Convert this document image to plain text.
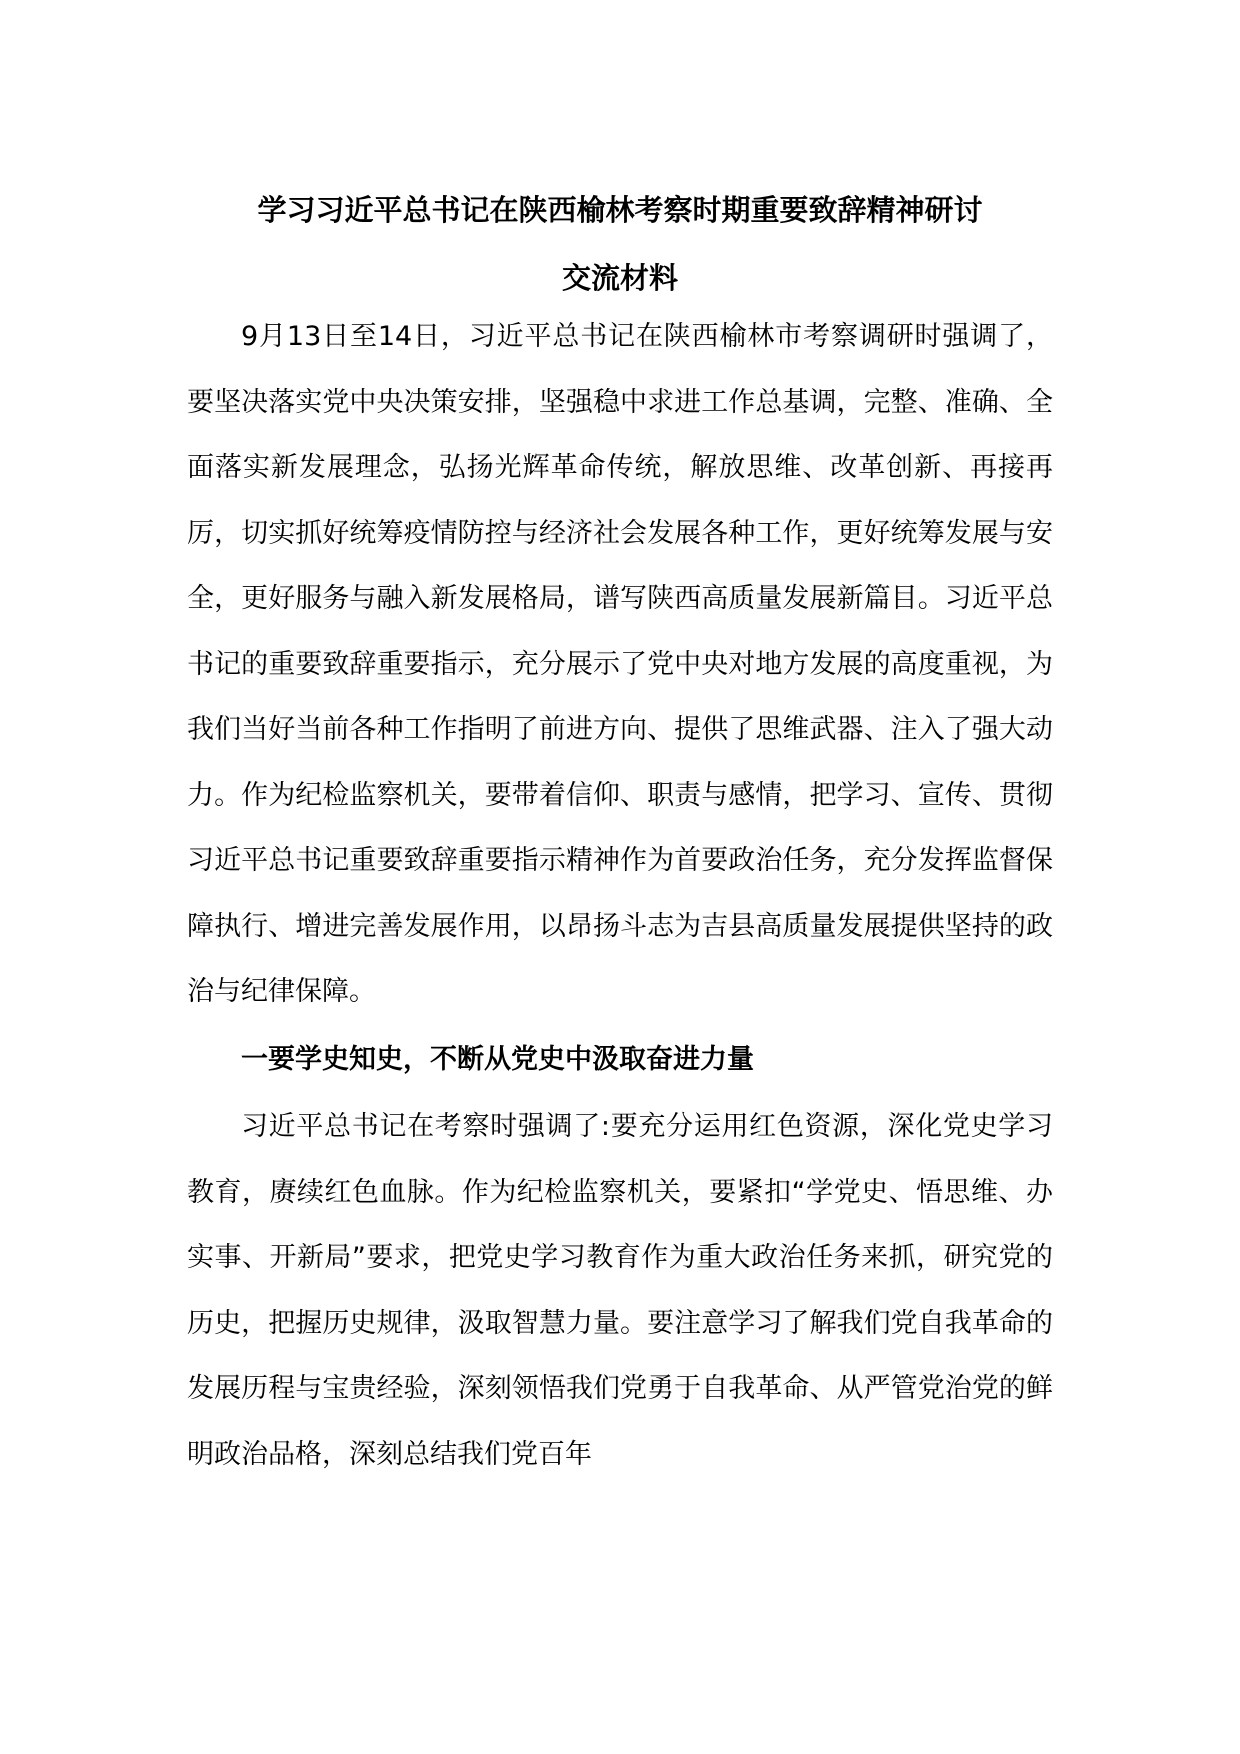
学习习近平总书记在陕西榆林考察时期重要致辞精神研讨

交流材料

9月13日至14日，习近平总书记在陕西榆林市考察调研时强调了，要坚决落实党中央决策安排，坚强稳中求进工作总基调，完整、准确、全面落实新发展理念，弘扬光辉革命传统，解放思维、改革创新、再接再厉，切实抓好统筹疫情防控与经济社会发展各种工作，更好统筹发展与安全，更好服务与融入新发展格局，谱写陕西高质量发展新篇目。习近平总书记的重要致辞重要指示，充分展示了党中央对地方发展的高度重视，为我们当好当前各种工作指明了前进方向、提供了思维武器、注入了强大动力。作为纪检监察机关，要带着信仰、职责与感情，把学习、宣传、贯彻习近平总书记重要致辞重要指示精神作为首要政治任务，充分发挥监督保障执行、增进完善发展作用，以昂扬斗志为吉县高质量发展提供坚持的政治与纪律保障。

一要学史知史，不断从党史中汲取奋进力量

习近平总书记在考察时强调了:要充分运用红色资源，深化党史学习教育，赓续红色血脉。作为纪检监察机关，要紧扣“学党史、悟思维、办实事、开新局”要求，把党史学习教育作为重大政治任务来抓，研究党的历史，把握历史规律，汲取智慧力量。要注意学习了解我们党自我革命的发展历程与宝贵经验，深刻领悟我们党勇于自我革命、从严管党治党的鲜明政治品格，深刻总结我们党百年
